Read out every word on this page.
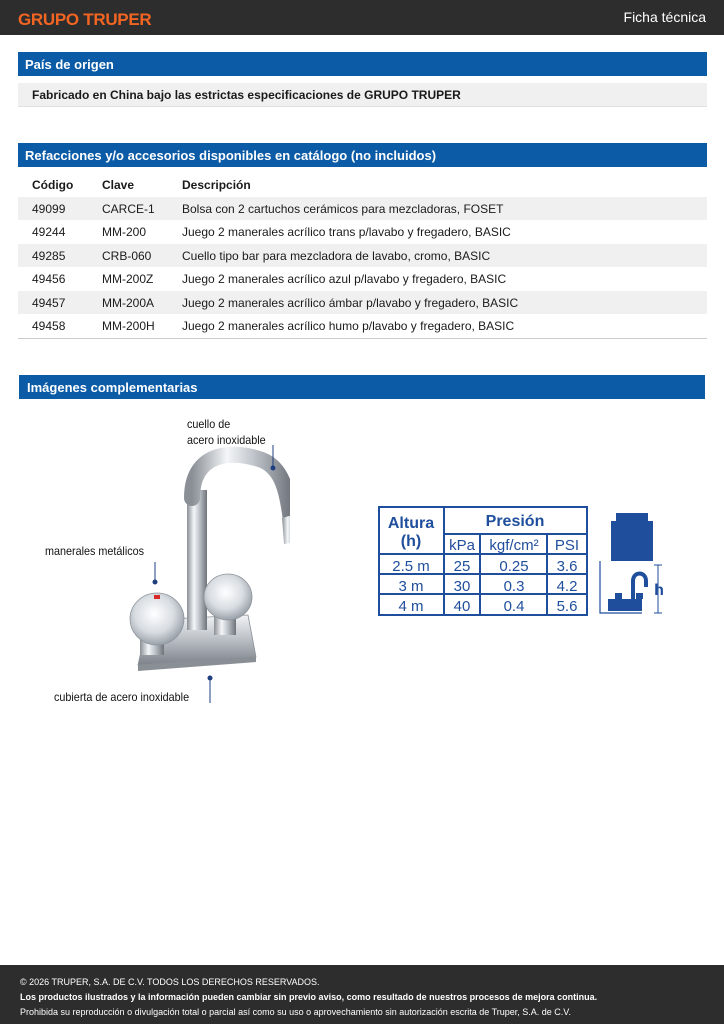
GRUPO TRUPER	Ficha técnica
País de origen
Fabricado en China bajo las estrictas especificaciones de GRUPO TRUPER
Refacciones y/o accesorios disponibles en catálogo (no incluidos)
Código Clave	Descripción
49099	CARCE-1 Bolsa con 2 cartuchos cerámicos para mezcladoras, FOSET
49244	MM-200	Juego 2 manerales acrílico trans p/lavabo y fregadero, BASIC
49285	CRB-060	Cuello tipo bar para mezcladora de lavabo, cromo, BASIC
49456	MM-200Z Juego 2 manerales acrílico azul p/lavabo y fregadero, BASIC
49457	MM-200A Juego 2 manerales acrílico ámbar p/lavabo y fregadero, BASIC
49458	MM-200H Juego 2 manerales acrílico humo p/lavabo y fregadero, BASIC
Imágenes complementarias
cuello de
acero inoxidable
manerales metálicos
cubierta de acero inoxidable
Altura
(h)
Presión
kPa kgf/cm² PSI
2.5 m 25 0.25 3.6
3 m 30 0.3 4.2
4 m 40 0.4 5.6
h
© 2026 TRUPER, S.A. DE C.V. TODOS LOS DERECHOS RESERVADOS.
Los productos ilustrados y la información pueden cambiar sin previo aviso, como resultado de nuestros procesos de mejora continua.
Prohibida su reproducción o divulgación total o parcial así como su uso o aprovechamiento sin autorización escrita de Truper, S.A. de C.V.
